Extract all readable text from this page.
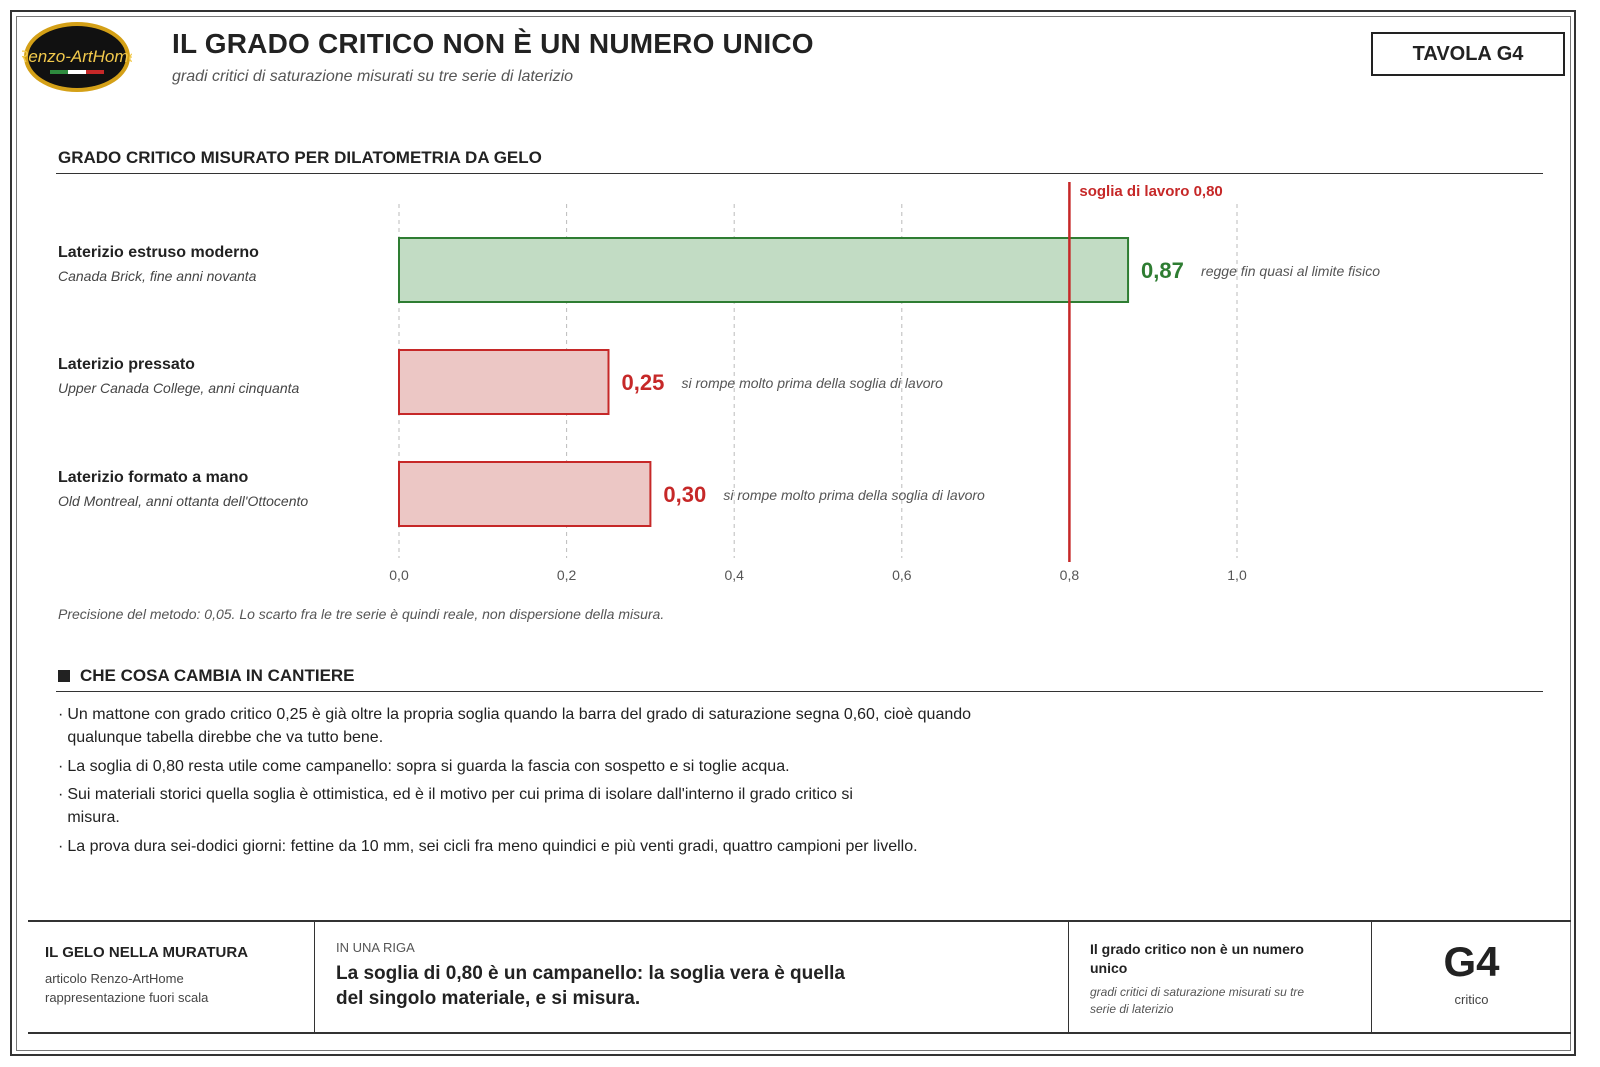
Renzo-ArtHome IL GRADO CRITICO NON È UN NUMERO UNICO
gradi critici di saturazione misurati su tre serie di laterizio
TAVOLA G4
GRADO CRITICO MISURATO PER DILATOMETRIA DA GELO
Laterizio estruso moderno
Canada Brick, fine anni novanta
Laterizio pressato
Upper Canada College, anni cinquanta
Laterizio formato a mano
Old Montreal, anni ottanta dell'Ottocento
0,0	0,2	0,4	0,6	0,8	1,0
0,87 regge fin quasi al limite fisico
0,25 si rompe molto prima della soglia di lavoro
0,30 si rompe molto prima della soglia di lavoro
soglia di lavoro 0,80
Precisione del metodo: 0,05. Lo scarto fra le tre serie è quindi reale, non dispersione della misura.
CHE COSA CAMBIA IN CANTIERE
· Un mattone con grado critico 0,25 è già oltre la propria soglia quando la barra del grado di saturazione segna 0,60, cioè quando qualunque tabella direbbe che va tutto bene.
· La soglia di 0,80 resta utile come campanello: sopra si guarda la fascia con sospetto e si toglie acqua.
· Sui materiali storici quella soglia è ottimistica, ed è il motivo per cui prima di isolare dall'interno il grado critico si misura.
· La prova dura sei-dodici giorni: fettine da 10 mm, sei cicli fra meno quindici e più venti gradi, quattro campioni per livello.
IL GELO NELLA MURATURA
articolo Renzo-ArtHome
rappresentazione fuori scala
IN UNA RIGA
La soglia di 0,80 è un campanello: la soglia vera è quella del singolo materiale, e si misura.
Il grado critico non è un numero unico
gradi critici di saturazione misurati su tre serie di laterizio
G4
critico
